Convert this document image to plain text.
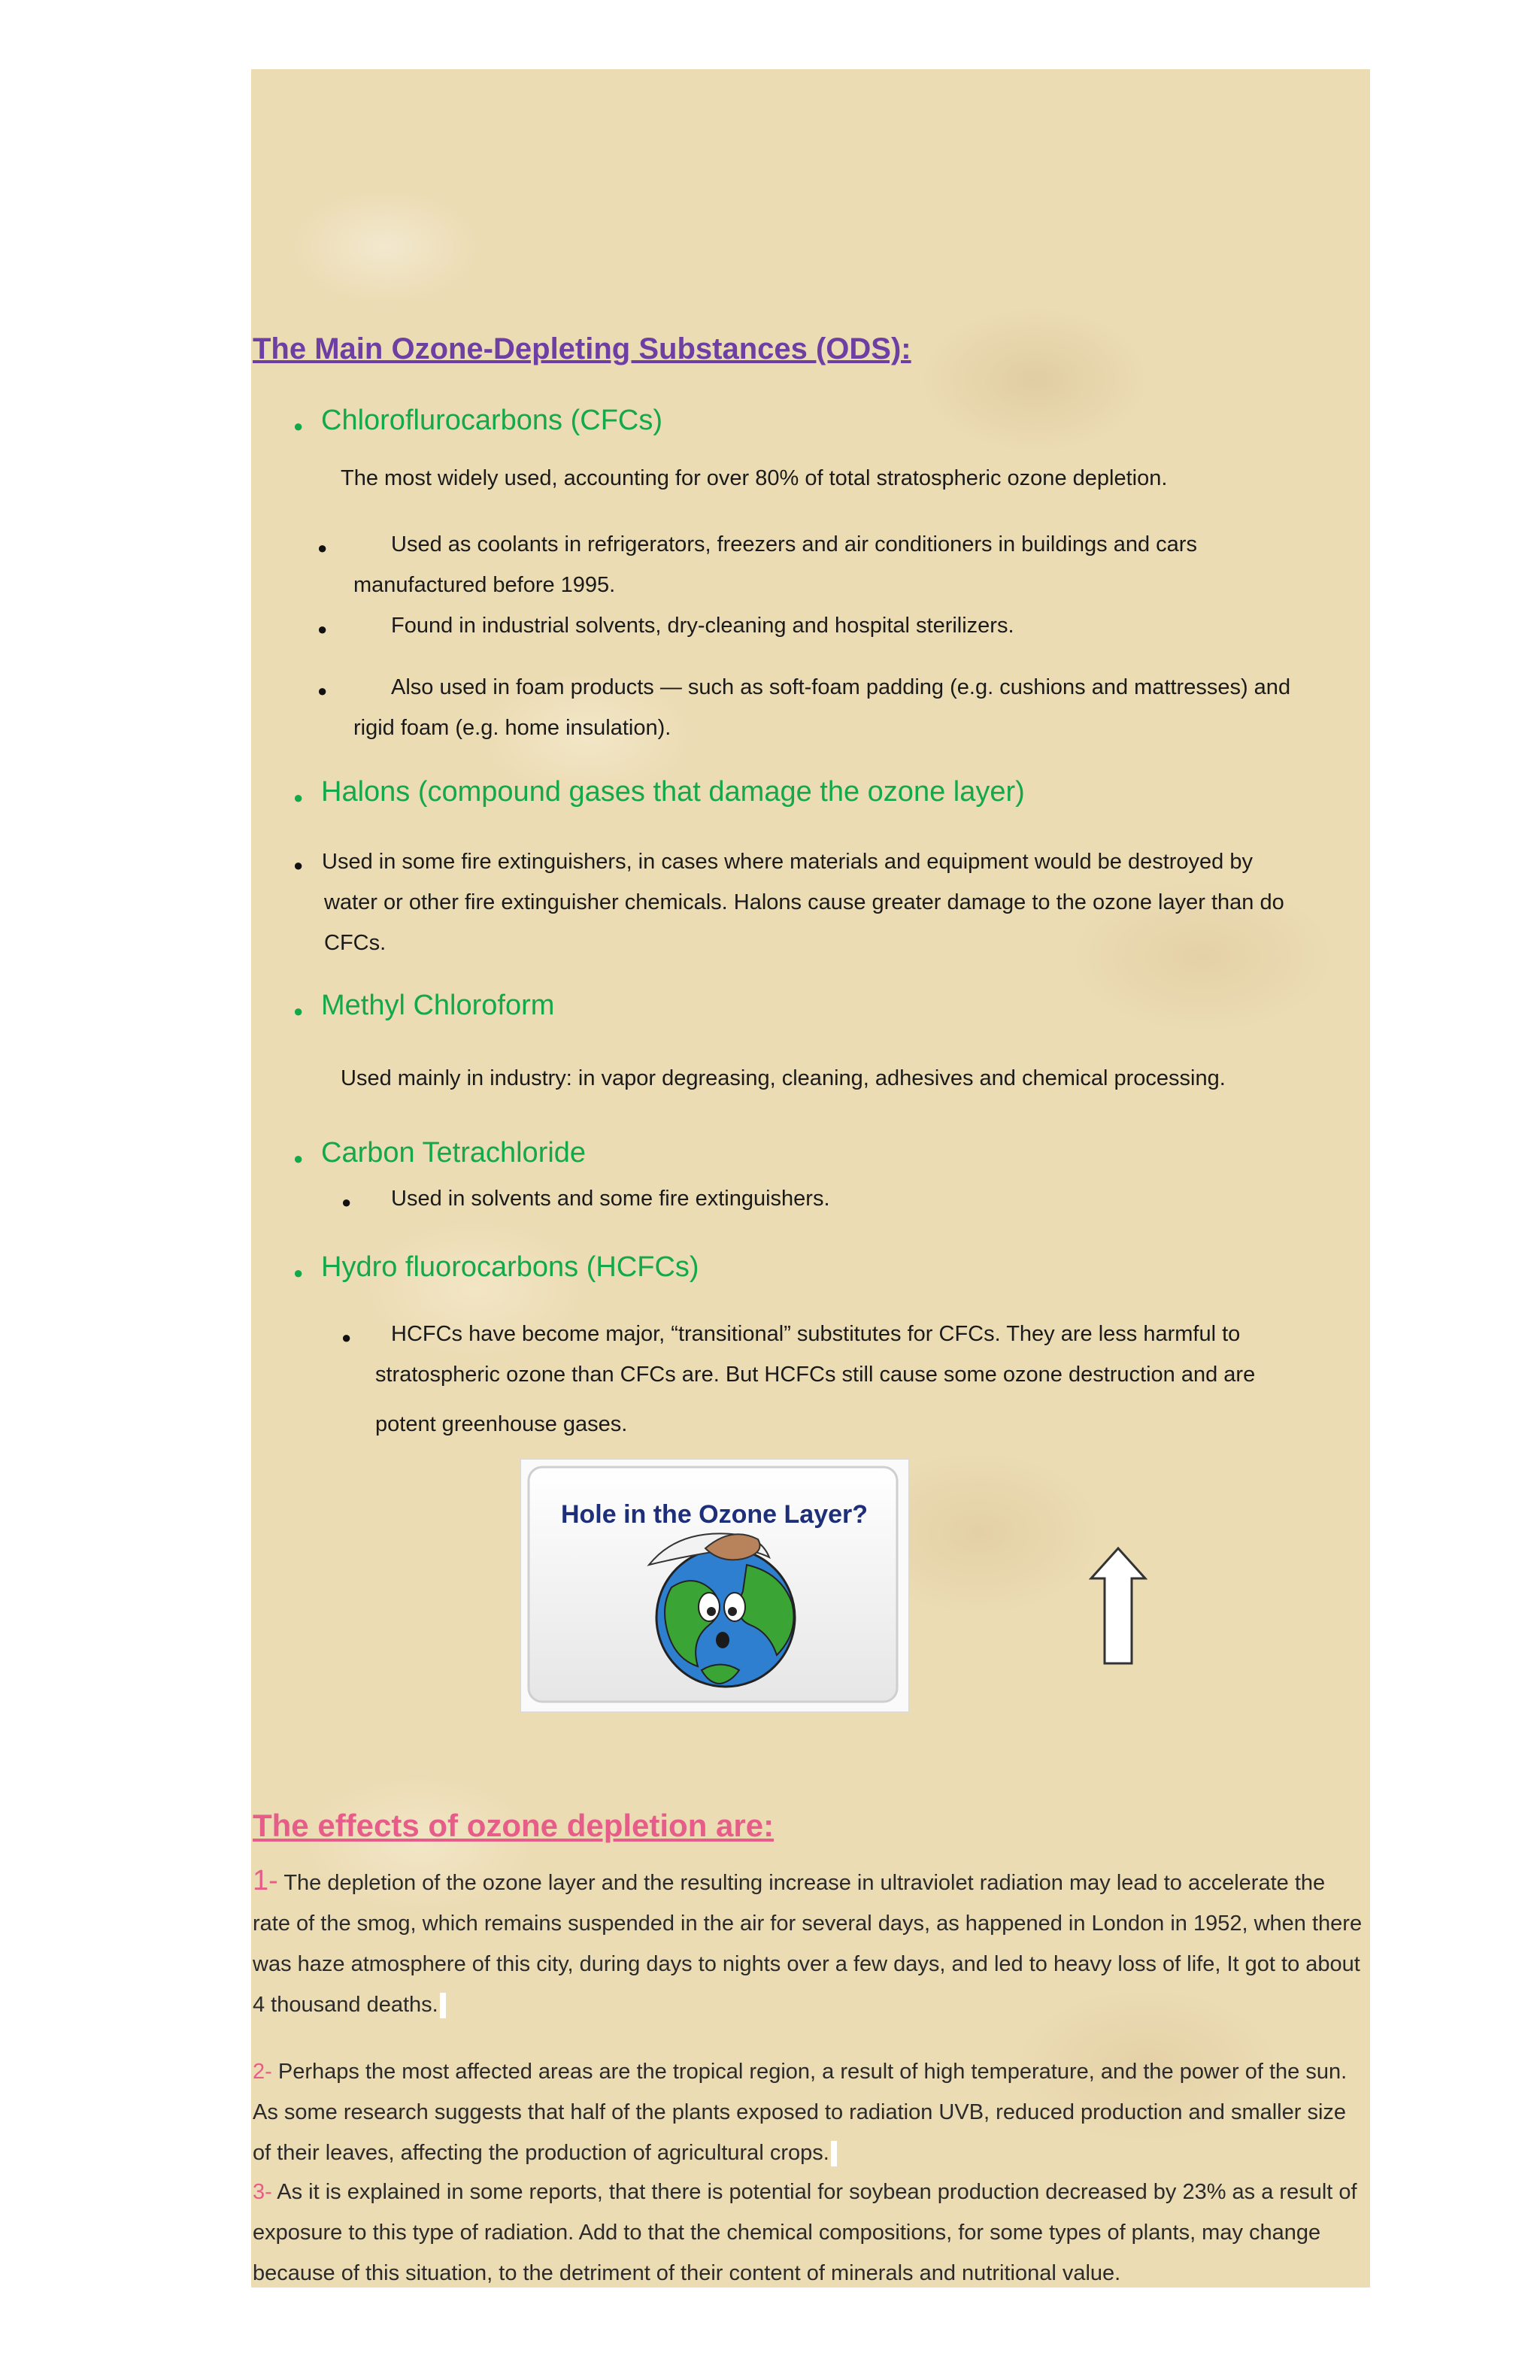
The Main Ozone-Depleting Substances (ODS):
● Chloroflurocarbons (CFCs)
The most widely used, accounting for over 80% of total stratospheric ozone depletion.
●	Used as coolants in refrigerators, freezers and air conditioners in buildings and cars
manufactured before 1995.
●	Found in industrial solvents, dry-cleaning and hospital sterilizers.
●	Also used in foam products — such as soft-foam padding (e.g. cushions and mattresses) and
rigid foam (e.g. home insulation).
● Halons (compound gases that damage the ozone layer)
● Used in some fire extinguishers, in cases where materials and equipment would be destroyed by
water or other fire extinguisher chemicals. Halons cause greater damage to the ozone layer than do
CFCs.
● Methyl Chloroform
Used mainly in industry: in vapor degreasing, cleaning, adhesives and chemical processing.
● Carbon Tetrachloride
● Used in solvents and some fire extinguishers.
● Hydro fluorocarbons (HCFCs)
● HCFCs have become major, “transitional” substitutes for CFCs. They are less harmful to
stratospheric ozone than CFCs are. But HCFCs still cause some ozone destruction and are
potent greenhouse gases.
Hole in the Ozone Layer?
The effects of ozone depletion are:
1- The depletion of the ozone layer and the resulting increase in ultraviolet radiation may lead to accelerate the rate of the smog, which remains suspended in the air for several days, as happened in London in 1952, when there was haze atmosphere of this city, during days to nights over a few days, and led to heavy loss of life, It got to about 4 thousand deaths.
2- Perhaps the most affected areas are the tropical region, a result of high temperature, and the power of the sun. As some research suggests that half of the plants exposed to radiation UVB, reduced production and smaller size of their leaves, affecting the production of agricultural crops.
3- As it is explained in some reports, that there is potential for soybean production decreased by 23% as a result of exposure to this type of radiation. Add to that the chemical compositions, for some types of plants, may change because of this situation, to the detriment of their content of minerals and nutritional value.
